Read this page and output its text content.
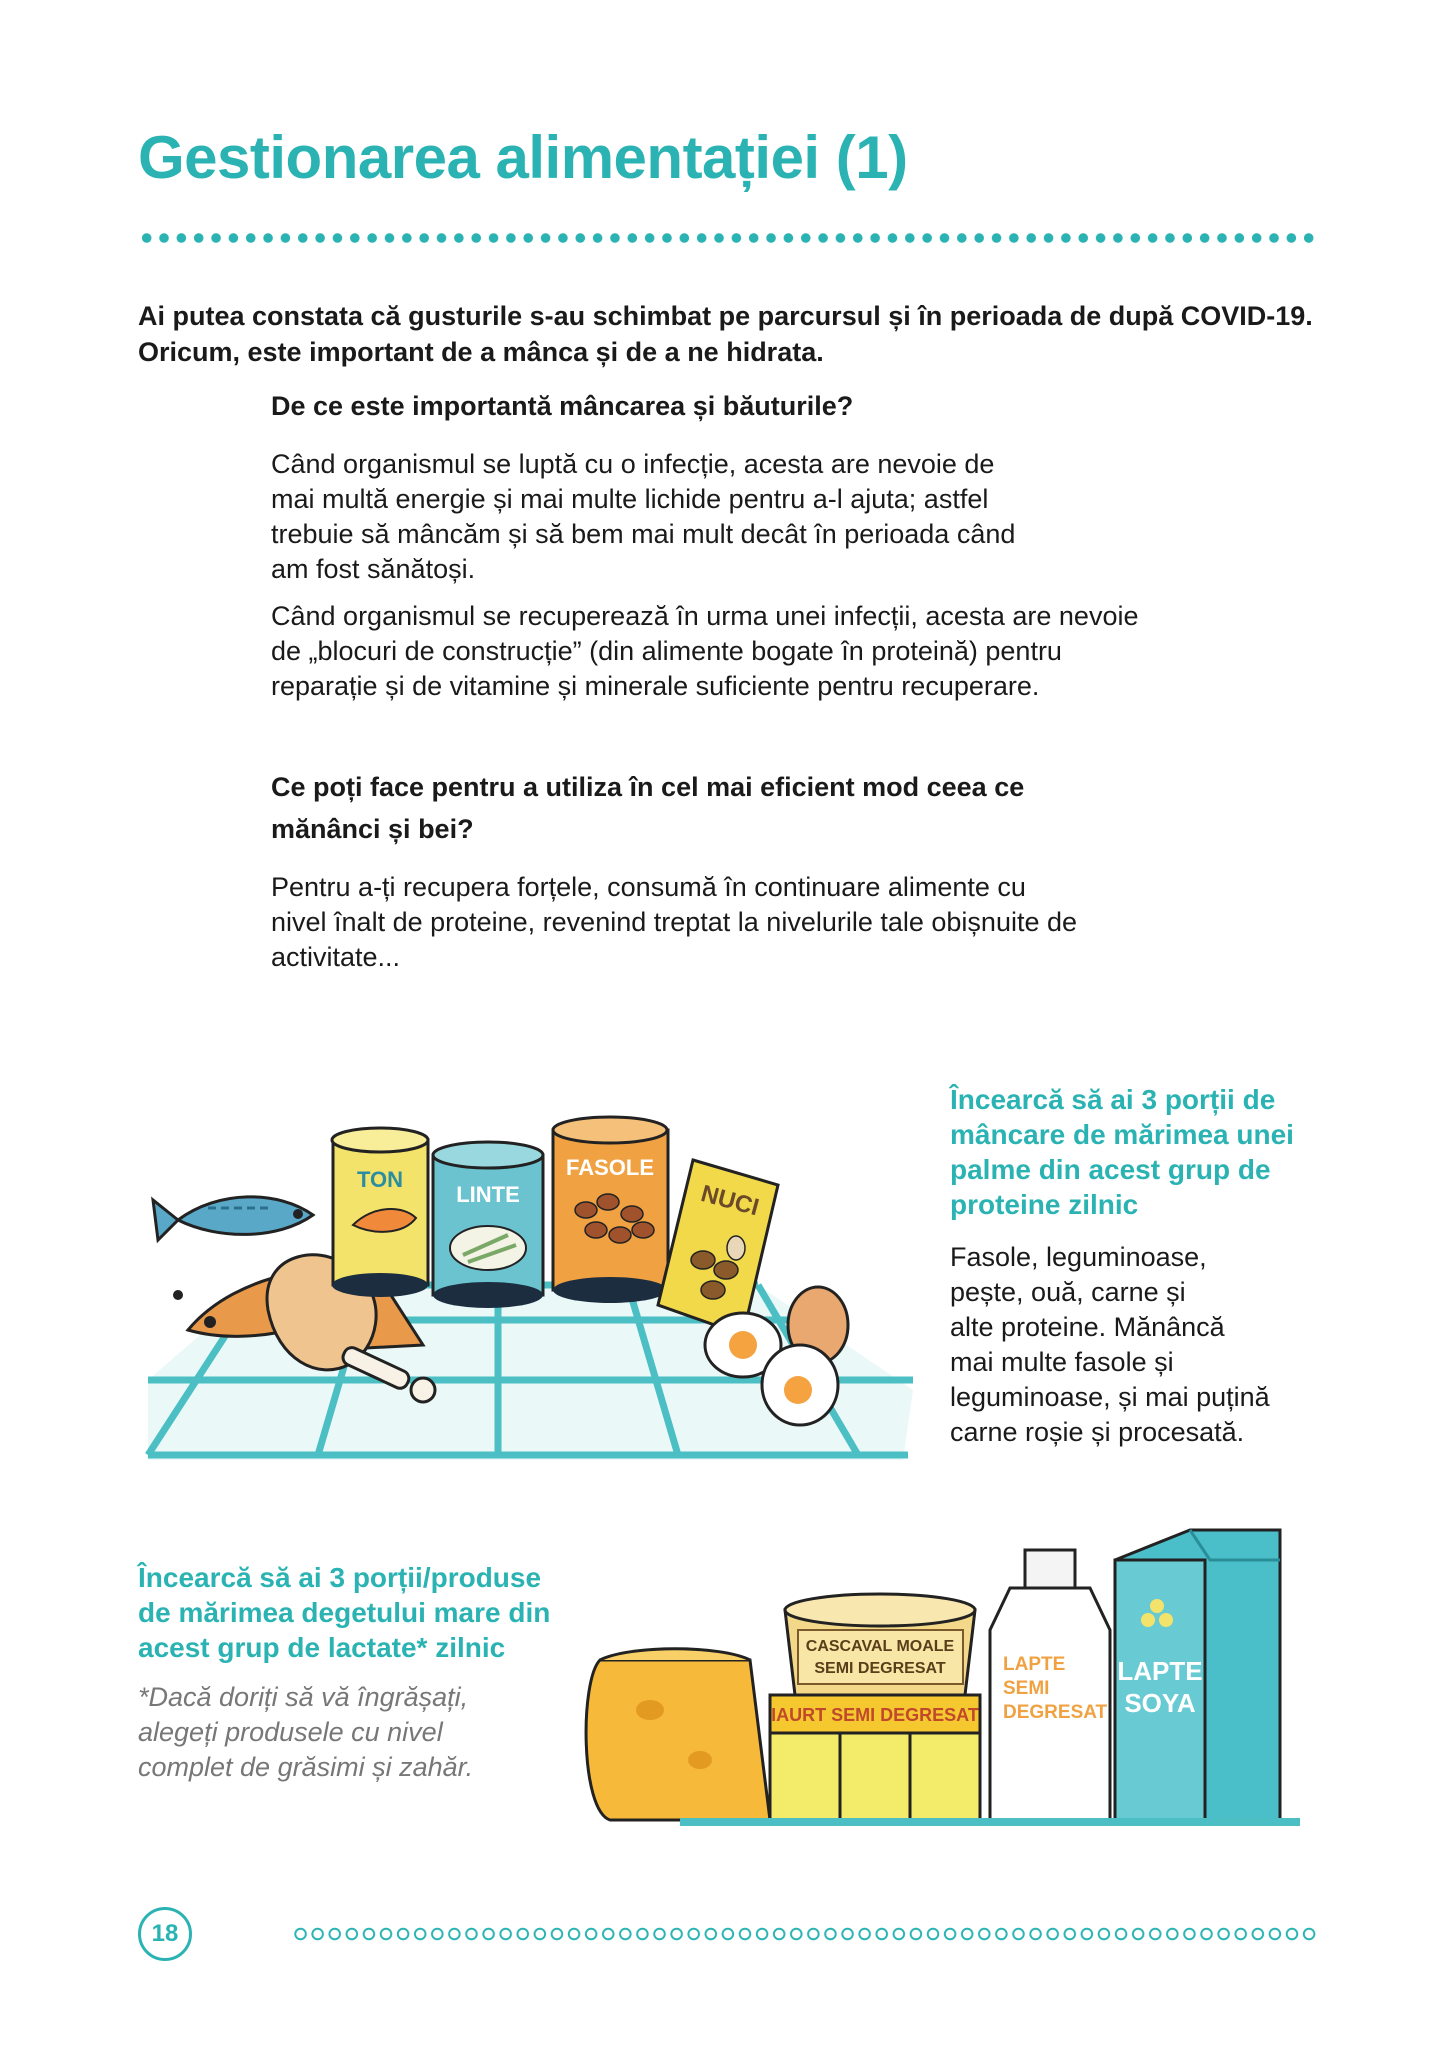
Gestionarea alimentației (1)

Ai putea constata că gusturile s-au schimbat pe parcursul și în perioada de după COVID-19. Oricum, este important de a mânca și de a ne hidrata.

De ce este importantă mâncarea și băuturile?

Când organismul se luptă cu o infecție, acesta are nevoie de
mai multă energie și mai multe lichide pentru a-l ajuta; astfel
trebuie să mâncăm și să bem mai mult decât în perioada când
am fost sănătoși.

Când organismul se recuperează în urma unei infecții, acesta are nevoie
de „blocuri de construcție” (din alimente bogate în proteină) pentru
reparație și de vitamine și minerale suficiente pentru recuperare.

Ce poți face pentru a utiliza în cel mai eficient mod ceea ce

mănânci și bei?

Pentru a-ți recupera forțele, consumă în continuare alimente cu
nivel înalt de proteine, revenind treptat la nivelurile tale obișnuite de
activitate...

TON
LINTE
FASOLE
NUCI

Încearcă să ai 3 porții de
mâncare de mărimea unei
palme din acest grup de
proteine zilnic

Fasole, leguminoase,
pește, ouă, carne și
alte proteine. Mănâncă
mai multe fasole și
leguminoase, și mai puțină
carne roșie și procesată.

Încearcă să ai 3 porții/produse
de mărimea degetului mare din
acest grup de lactate* zilnic

*Dacă doriți să vă îngrășați,
alegeți produsele cu nivel
complet de grăsimi și zahăr.

CASCAVAL MOALE
SEMI DEGRESAT
IAURT SEMI DEGRESAT
LAPTE
SEMI
DEGRESAT
LAPTE
SOYA
18
